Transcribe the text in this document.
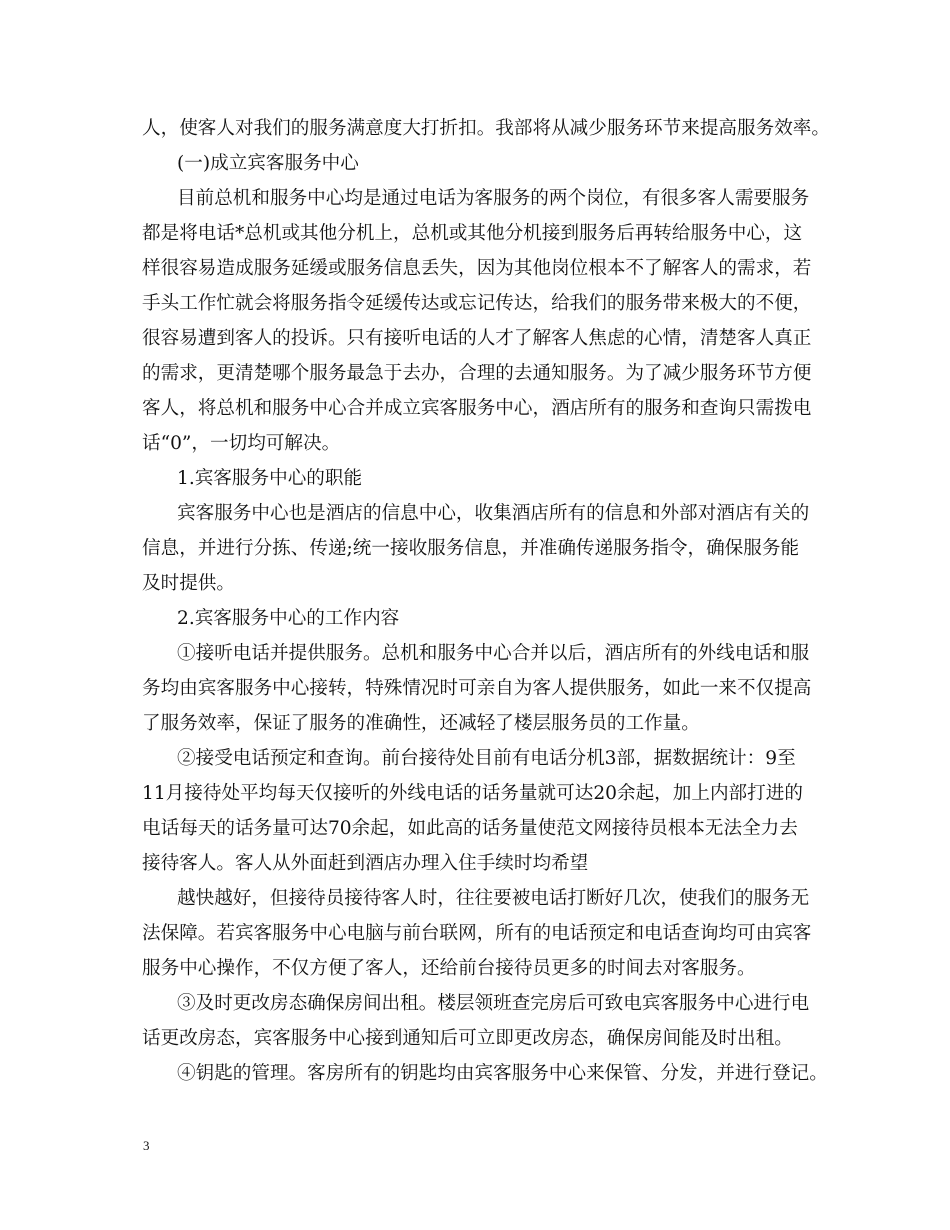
人，使客人对我们的服务满意度大打折扣。我部将从减少服务环节来提高服务效率。
(一)成立宾客服务中心
目前总机和服务中心均是通过电话为客服务的两个岗位，有很多客人需要服务
都是将电话*总机或其他分机上，总机或其他分机接到服务后再转给服务中心，这
样很容易造成服务延缓或服务信息丢失，因为其他岗位根本不了解客人的需求，若
手头工作忙就会将服务指令延缓传达或忘记传达，给我们的服务带来极大的不便，
很容易遭到客人的投诉。只有接听电话的人才了解客人焦虑的心情，清楚客人真正
的需求，更清楚哪个服务最急于去办，合理的去通知服务。为了减少服务环节方便
客人，将总机和服务中心合并成立宾客服务中心，酒店所有的服务和查询只需拨电
话“0”，一切均可解决。
1.宾客服务中心的职能
宾客服务中心也是酒店的信息中心，收集酒店所有的信息和外部对酒店有关的
信息，并进行分拣、传递;统一接收服务信息，并准确传递服务指令，确保服务能
及时提供。
2.宾客服务中心的工作内容
①接听电话并提供服务。总机和服务中心合并以后，酒店所有的外线电话和服
务均由宾客服务中心接转，特殊情况时可亲自为客人提供服务，如此一来不仅提高
了服务效率，保证了服务的准确性，还减轻了楼层服务员的工作量。
②接受电话预定和查询。前台接待处目前有电话分机3部，据数据统计：9至
11月接待处平均每天仅接听的外线电话的话务量就可达20余起，加上内部打进的
电话每天的话务量可达70余起，如此高的话务量使范文网接待员根本无法全力去
接待客人。客人从外面赶到酒店办理入住手续时均希望
越快越好，但接待员接待客人时，往往要被电话打断好几次，使我们的服务无
法保障。若宾客服务中心电脑与前台联网，所有的电话预定和电话查询均可由宾客
服务中心操作，不仅方便了客人，还给前台接待员更多的时间去对客服务。
③及时更改房态确保房间出租。楼层领班查完房后可致电宾客服务中心进行电
话更改房态，宾客服务中心接到通知后可立即更改房态，确保房间能及时出租。
④钥匙的管理。客房所有的钥匙均由宾客服务中心来保管、分发，并进行登记。
3
